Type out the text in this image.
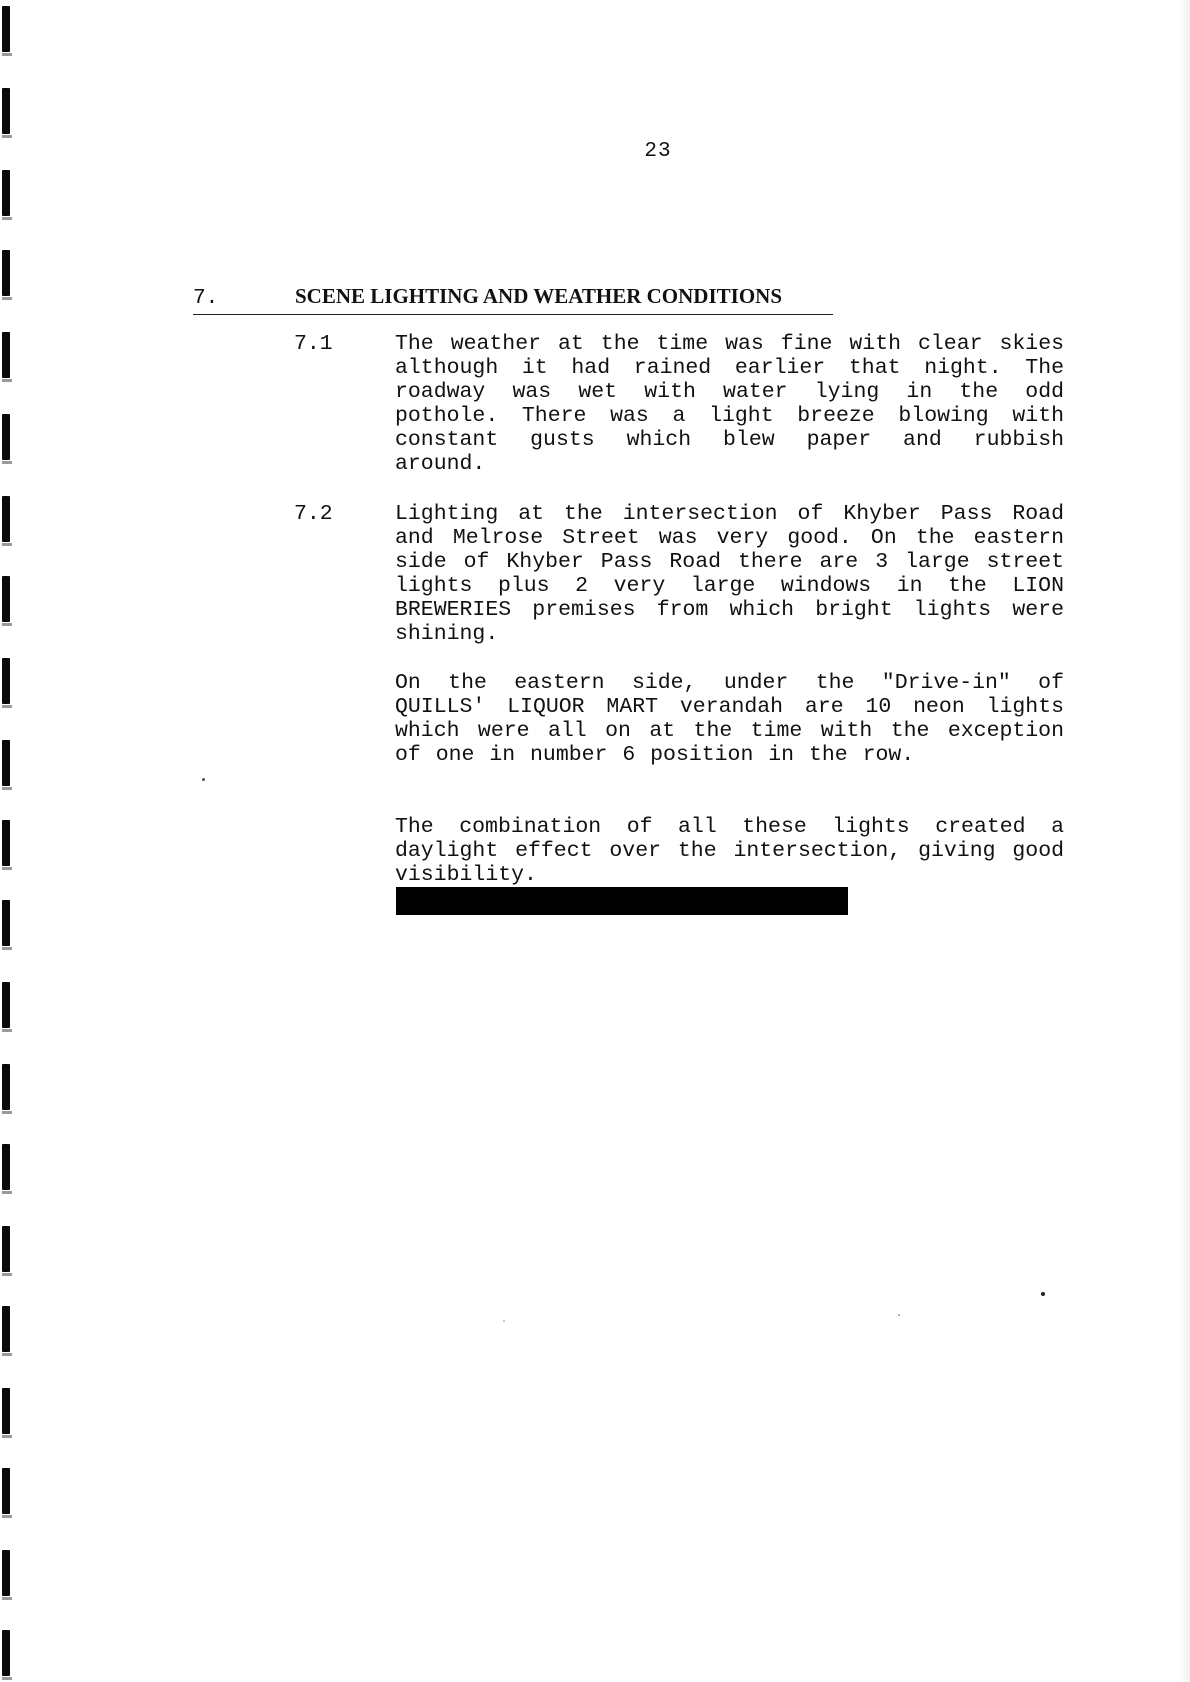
23
7.	SCENE LIGHTING AND WEATHER CONDITIONS
7.1	The weather at the time was fine with clear skies although it had rained earlier that night. The roadway was wet with water lying in the odd pothole. There was a light breeze blowing with constant gusts which blew paper and rubbish around.
7.2	Lighting at the intersection of Khyber Pass Road and Melrose Street was very good. On the eastern side of Khyber Pass Road there are 3 large street lights plus 2 very large windows in the LION BREWERIES premises from which bright lights were shining.
On the eastern side, under the "Drive-in" of QUILLS' LIQUOR MART verandah are 10 neon lights which were all on at the time with the exception of one in number 6 position in the row.
The combination of all these lights created a daylight effect over the intersection, giving good visibility.
